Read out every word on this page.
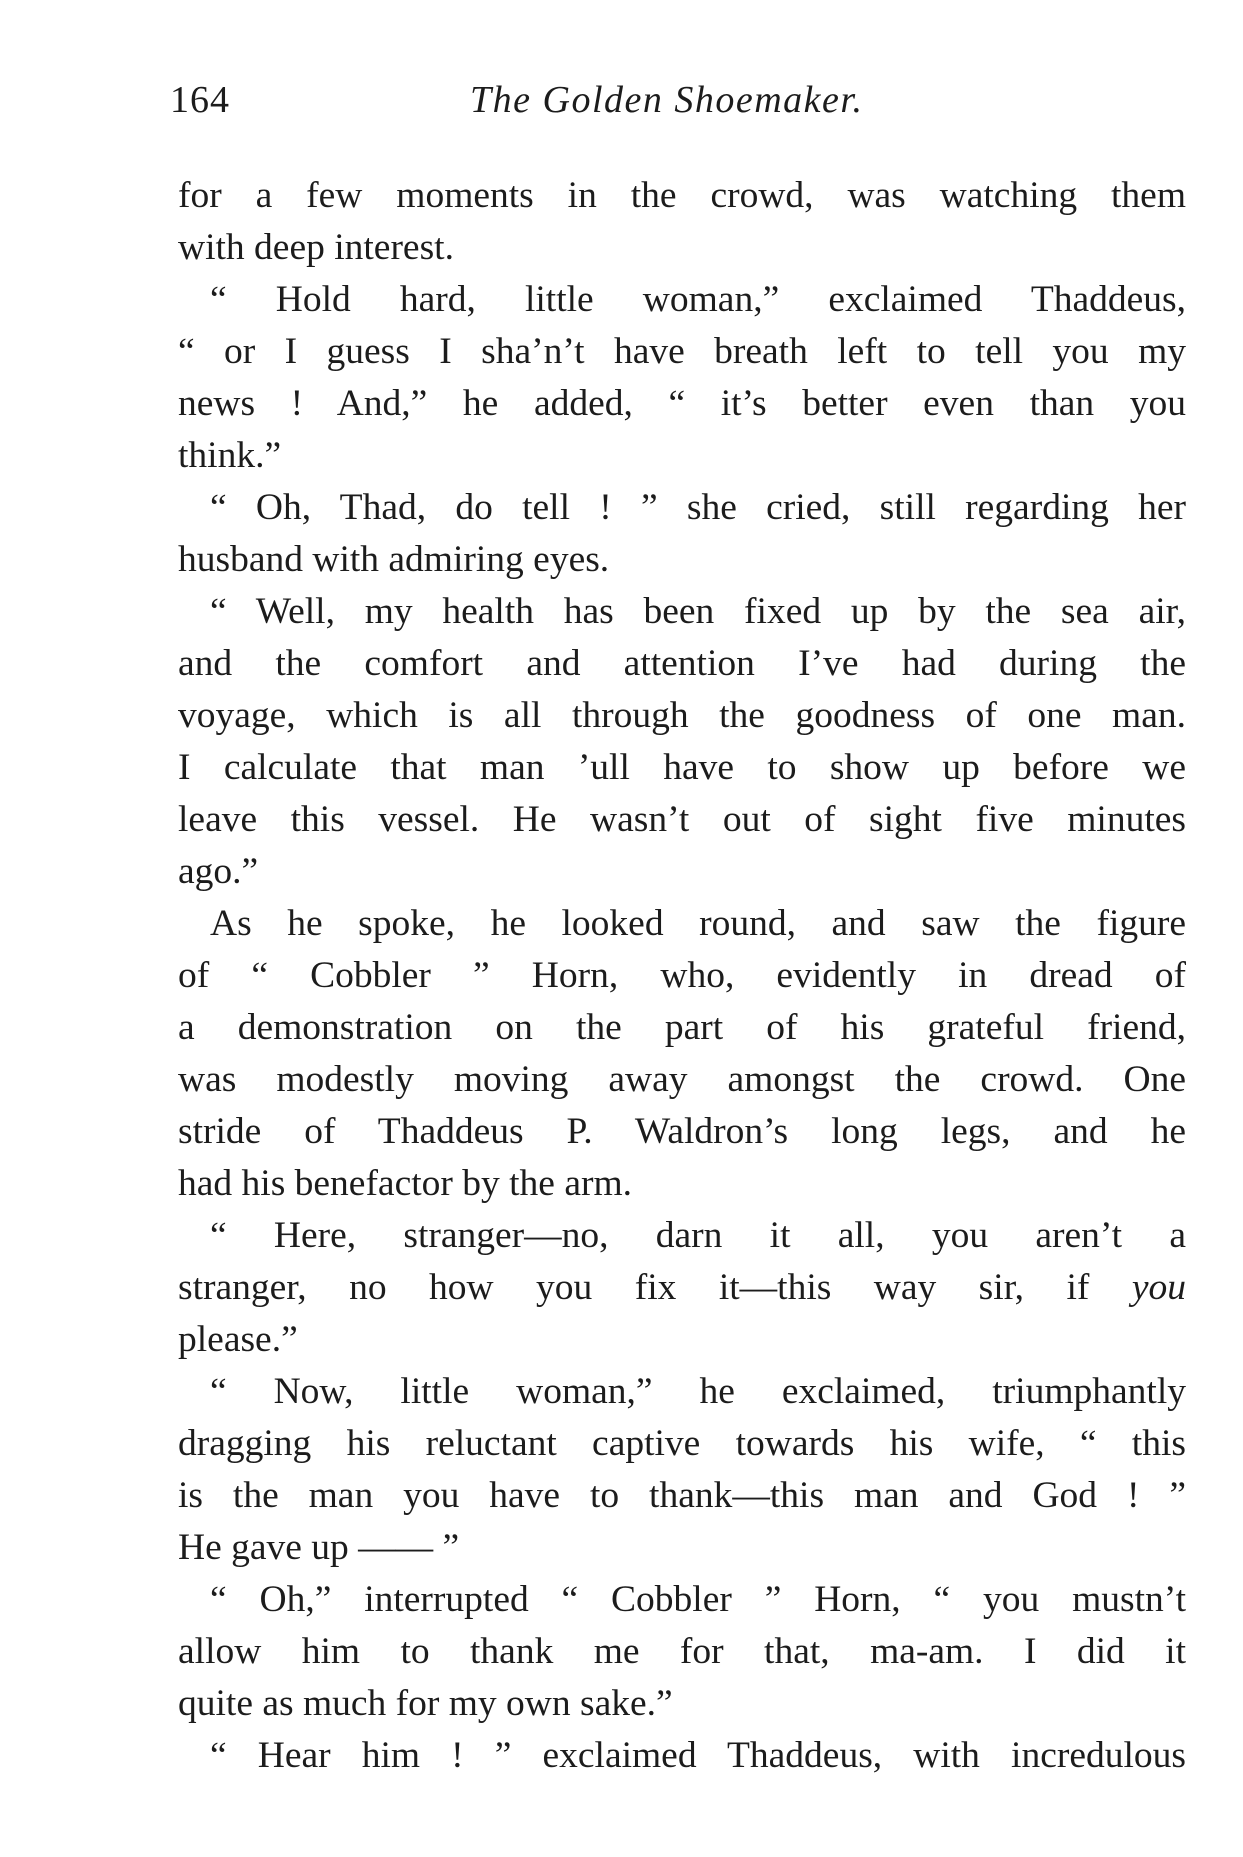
164	The Golden Shoemaker.
for a few moments in the crowd, was watching them
with deep interest.
“ Hold hard, little woman,” exclaimed Thaddeus,
“ or I guess I sha’n’t have breath left to tell you my
news ! And,” he added, “ it’s better even than you
think.”
“ Oh, Thad, do tell ! ” she cried, still regarding her
husband with admiring eyes.
“ Well, my health has been fixed up by the sea air,
and the comfort and attention I’ve had during the
voyage, which is all through the goodness of one man.
I calculate that man ’ull have to show up before we
leave this vessel. He wasn’t out of sight five minutes
ago.”
As he spoke, he looked round, and saw the figure
of “ Cobbler ” Horn, who, evidently in dread of
a demonstration on the part of his grateful friend,
was modestly moving away amongst the crowd. One
stride of Thaddeus P. Waldron’s long legs, and he
had his benefactor by the arm.
“ Here, stranger—no, darn it all, you aren’t a
stranger, no how you fix it—this way sir, if you
please.”
“ Now, little woman,” he exclaimed, triumphantly
dragging his reluctant captive towards his wife, “ this
is the man you have to thank—this man and God ! ”
He gave up —— ”
“ Oh,” interrupted “ Cobbler ” Horn, “ you mustn’t
allow him to thank me for that, ma-am. I did it
quite as much for my own sake.”
“ Hear him ! ” exclaimed Thaddeus, with incredulous
